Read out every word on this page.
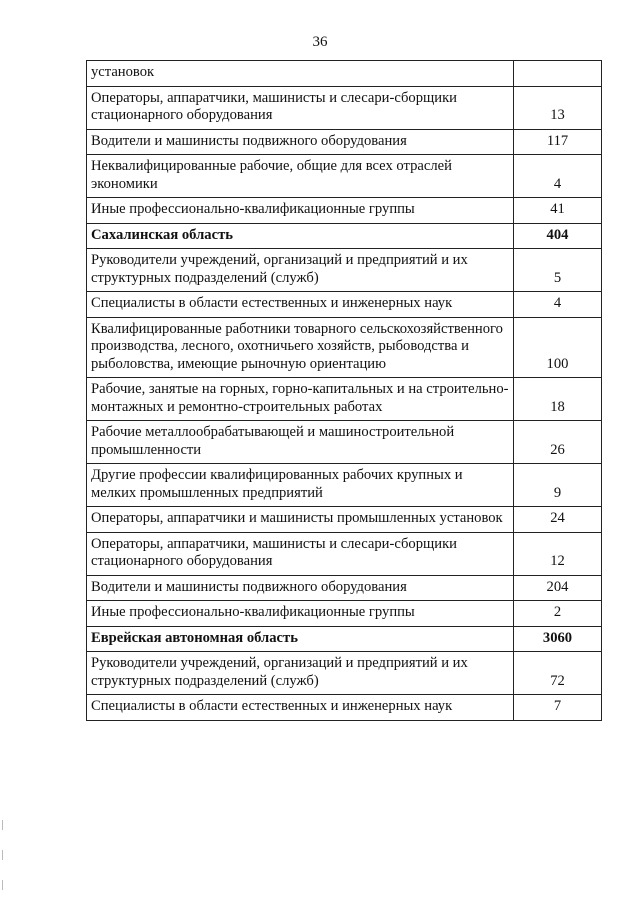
36
установок	
Операторы, аппаратчики, машинисты и слесари-сборщики стационарного оборудования	13
Водители и машинисты подвижного оборудования	117
Неквалифицированные рабочие, общие для всех отраслей экономики	4
Иные профессионально-квалификационные группы	41
Сахалинская область	404
Руководители учреждений, организаций и предприятий и их структурных подразделений (служб)	5
Специалисты в области естественных и инженерных наук	4
Квалифицированные работники товарного сельскохозяйственного производства, лесного, охотничьего хозяйств, рыбоводства и рыболовства, имеющие рыночную ориентацию	100
Рабочие, занятые на горных, горно-капитальных и на строительно-монтажных и ремонтно-строительных работах	18
Рабочие металлообрабатывающей и машиностроительной промышленности	26
Другие профессии квалифицированных рабочих крупных и мелких промышленных предприятий	9
Операторы, аппаратчики и машинисты промышленных установок	24
Операторы, аппаратчики, машинисты и слесари-сборщики стационарного оборудования	12
Водители и машинисты подвижного оборудования	204
Иные профессионально-квалификационные группы	2
Еврейская автономная область	3060
Руководители учреждений, организаций и предприятий и их структурных подразделений (служб)	72
Специалисты в области естественных и инженерных наук	7
